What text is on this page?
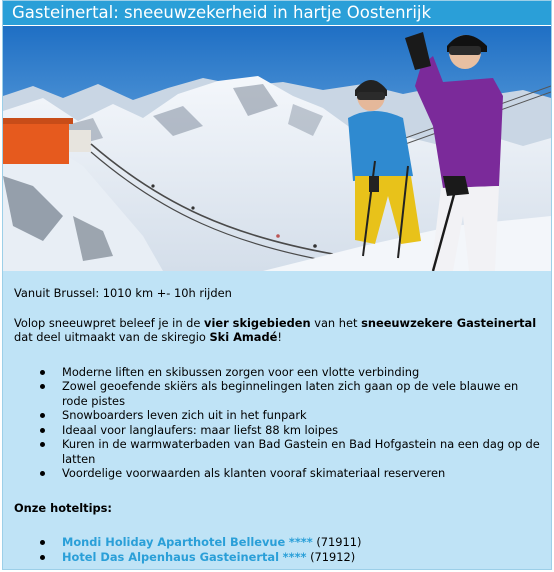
Gasteinertal: sneeuwzekerheid in hartje Oostenrijk

Vanuit Brussel: 1010 km +- 10h rijden

Volop sneeuwpret beleef je in de vier skigebieden van het sneeuwzekere Gasteinertal dat deel uitmaakt van de skiregio Ski Amadé!

Moderne liften en skibussen zorgen voor een vlotte verbinding
Zowel geoefende skiërs als beginnelingen laten zich gaan op de vele blauwe en rode pistes
Snowboarders leven zich uit in het funpark
Ideaal voor langlaufers: maar liefst 88 km loipes
Kuren in de warmwaterbaden van Bad Gastein en Bad Hofgastein na een dag op de latten
Voordelige voorwaarden als klanten vooraf skimateriaal reserveren

Onze hoteltips:

Mondi Holiday Aparthotel Bellevue **** (71911)
Hotel Das Alpenhaus Gasteinertal **** (71912)
